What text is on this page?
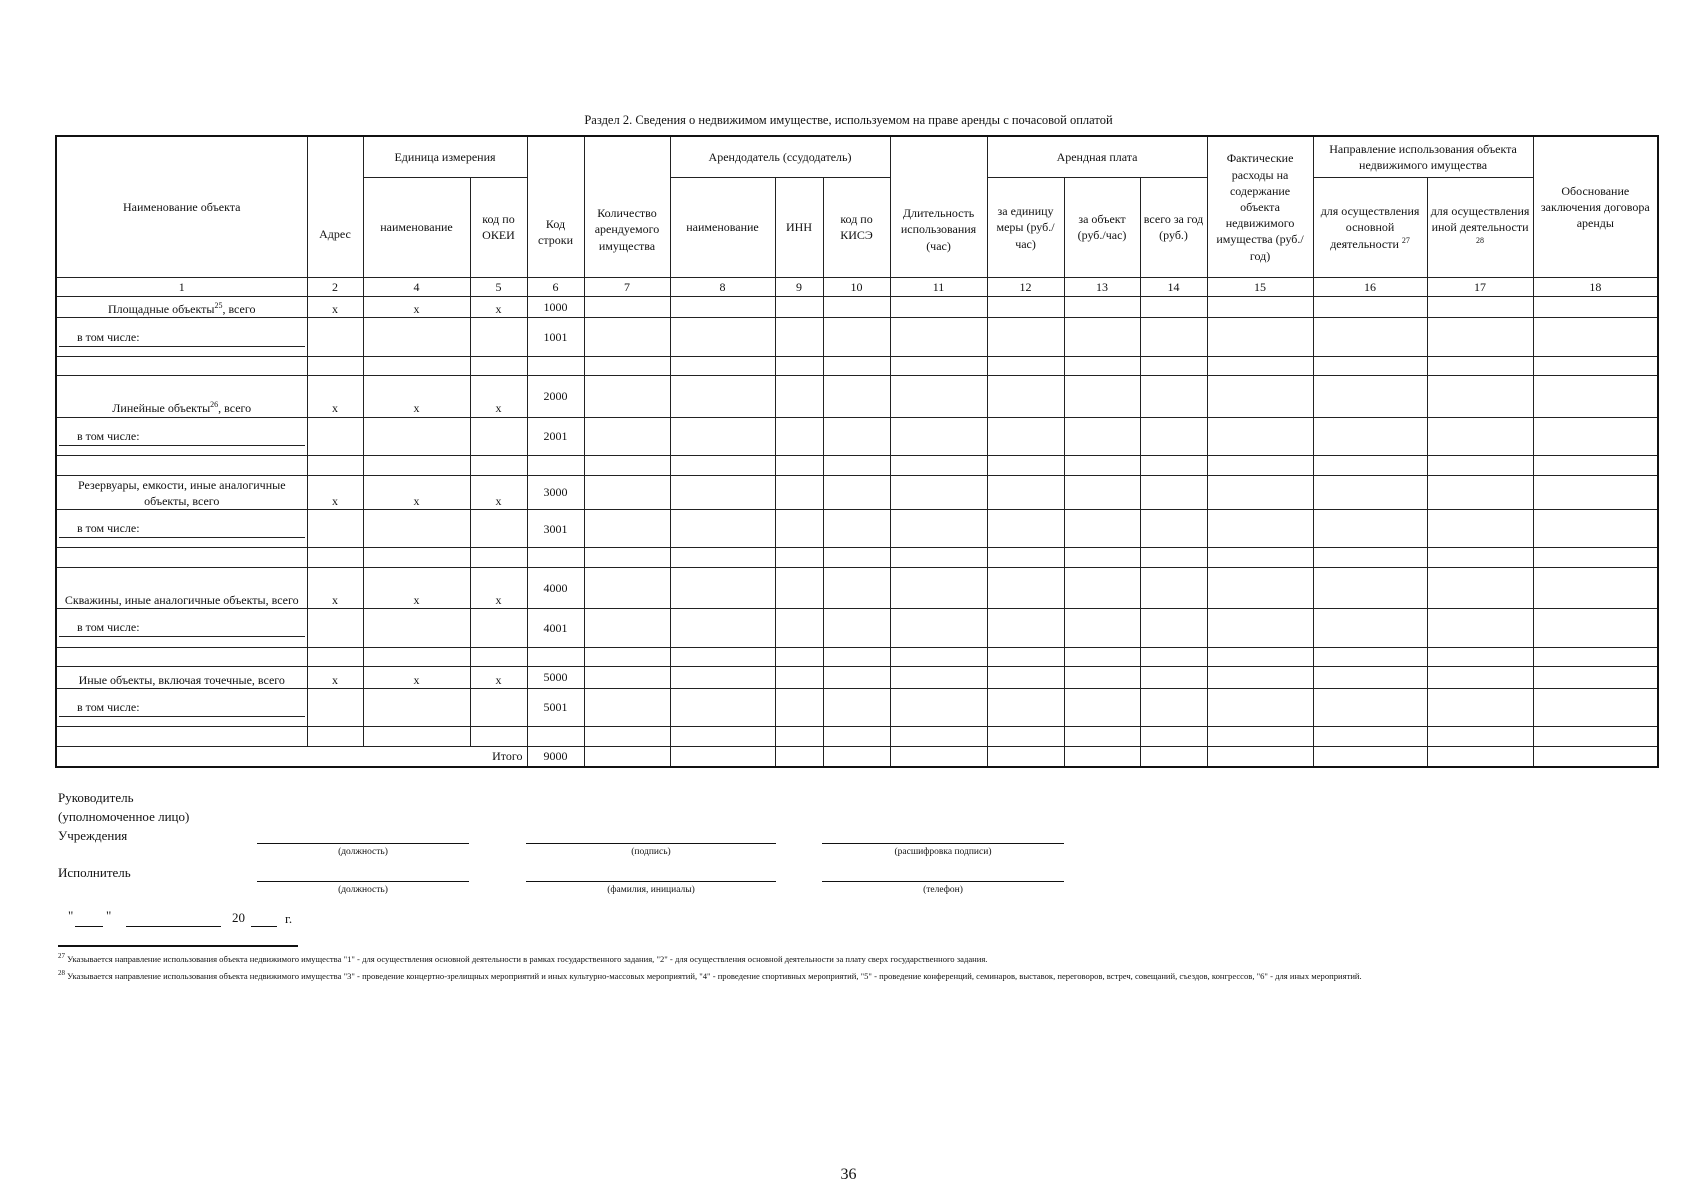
Раздел 2. Сведения о недвижимом имуществе, используемом на праве аренды с почасовой оплатой
Наименование объекта	Адрес	Единица измерения		Код строки	Количество арендуемого имущества	Арендодатель (ссудодатель)			Длительность использования (час)	Арендная плата			Фактические расходы на содержание объекта недвижимого имущества (руб./год)	Направление использования объекта недвижимого имущества		Обоснование заключения договора аренды
		наименование	код по ОКЕИ			наименование	ИНН	код по КИСЭ		за единицу меры (руб./час)	за объект (руб./час)	всего за год (руб.)		для осуществления основной деятельности $^{27}$	для осуществления иной деятельности $^{28}$
1	2	4	5	6	7	8	9	10	11	12	13	14	15	16	17	18
Площадные объекты$^{25}$, всего	x	x	x	1000												

в том числе:				1001												

Линейные объекты$^{26}$, всего	x	x	x	2000												

в том числе:				2001												

Резервуары, емкости, иные аналогичные объекты, всего	x	x	x	3000												

в том числе:				3001												

Скважины, иные аналогичные объекты, всего	x	x	x	4000												

в том числе:				4001												

Иные объекты, включая точечные, всего	x	x	x	5000												

в том числе:				5001												

Итого				9000												
Руководитель
(уполномоченное лицо)
Учреждения
(должность)	(подпись)	(расшифровка подписи)
Исполнитель
(должность)	(фамилия, инициалы)	(телефон)
"	"	20	г.
$^{27}$ Указывается направление использования объекта недвижимого имущества "1" - для осуществления основной деятельности в рамках государственного задания, "2" - для осуществления основной деятельности за плату сверх государственного задания.
$^{28}$ Указывается направление использования объекта недвижимого имущества "3" - проведение концертно-зрелищных мероприятий и иных культурно-массовых мероприятий, "4" - проведение спортивных мероприятий, "5" - проведение конференций, семинаров, выставок, переговоров, встреч, совещаний, съездов, конгрессов, "6" - для иных мероприятий.
36
